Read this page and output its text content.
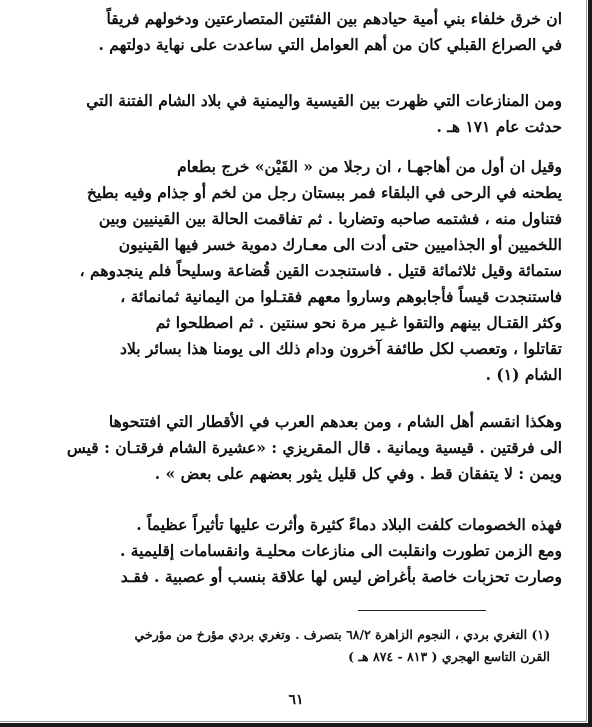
ان خرق خلفاء بني أمية حيادهم بين الفئتين المتصارعتين ودخولهم فريقاً
في الصراع القبلي كان من أهم العوامل التي ساعدت على نهاية دولتهم .

ومن المنازعات التي ظهرت بين القيسية واليمنية في بلاد الشام الفتنة التي
حدثت عام ١٧١ هـ .

وقيل ان أول من أهاجهـا ، ان رجلا من « القَيْن» خرج بطعام
يطحنه في الرحى في البلقاء فمر ببستان رجل من لخم أو جذام وفيه بطيخ
فتناول منه ، فشتمه صاحبه وتضاربا . ثم تفاقمت الحالة بين القينيين وبين
اللخميين أو الجذاميين حتى أدت الى معـارك دموية خسر فيها القينيون
ستمائة وقيل ثلاثمائة قتيل . فاستنجدت القين قُضاعة وسليحاً فلم ينجدوهم ،
فاستنجدت قيساً فأجابوهم وساروا معهم فقتـلوا من اليمانية ثمانمائة ،
وكثر القتـال بينهم والتقوا غـير مرة نحو سنتين . ثم اصطلحوا ثم
تقاتلوا ، وتعصب لكل طائفة آخرون ودام ذلك الى يومنا هذا بسائر بلاد
الشام (١) .

وهكذا انقسم أهل الشام ، ومن بعدهم العرب في الأقطار التي افتتحوها
الى فرقتين . قيسية ويمانية . قال المقريزي : «عشيرة الشام فرقتـان : قيس
ويمن : لا يتفقان قط . وفي كل قليل يثور بعضهم على بعض » .

فهذه الخصومات كلفت البلاد دماءً كثيرة وأثرت عليها تأثيراً عظيماً .
ومع الزمن تطورت وانقلبت الى منازعات محليـة وانقسامات إقليمية .
وصارت تحزبات خاصة بأغراض ليس لها علاقة بنسب أو عصبية . فقـد

(١) التغري بردي ، النجوم الزاهرة ٦٨/٢ بتصرف . وتغري بردي مؤرخ من مؤرخي
القرن التاسع الهجري ( ٨١٣ - ٨٧٤ هـ )
٦١
